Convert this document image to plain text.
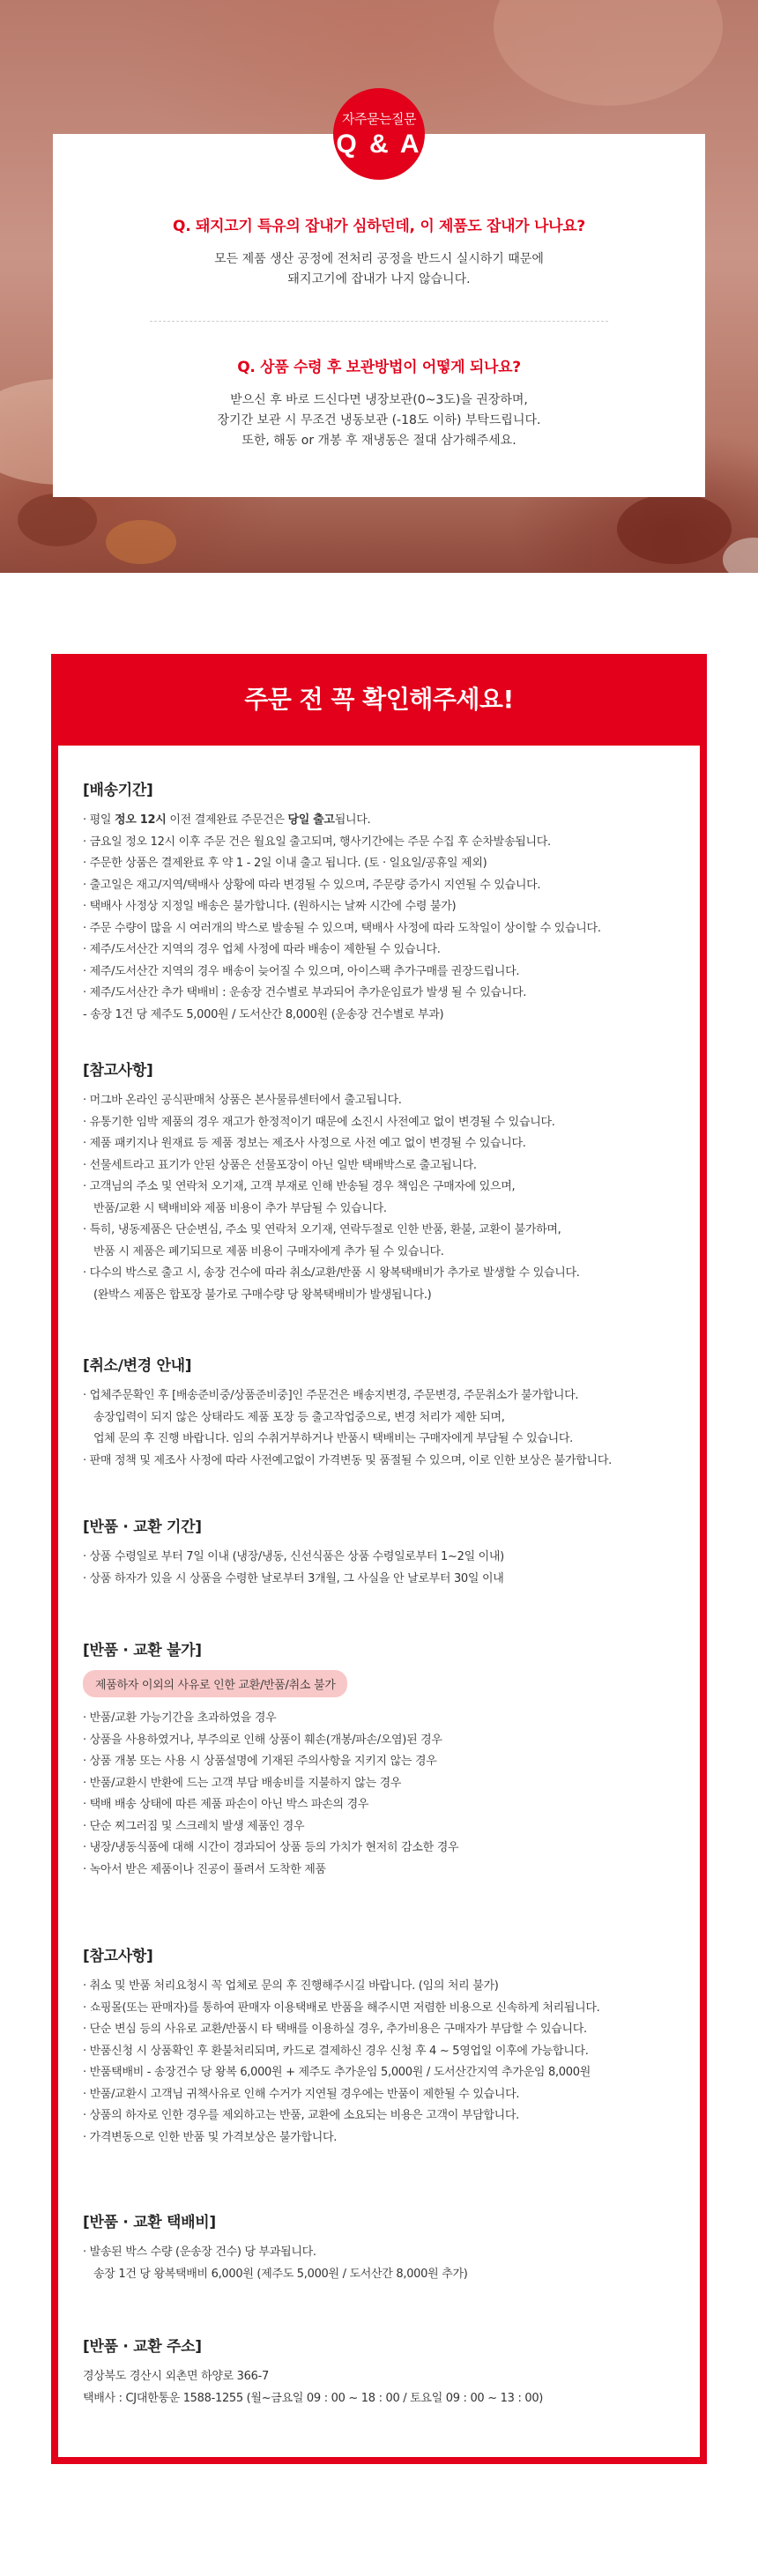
자주묻는질문
Q & A
Q. 돼지고기 특유의 잡내가 심하던데, 이 제품도 잡내가 나나요?
모든 제품 생산 공정에 전처리 공정을 반드시 실시하기 때문에
돼지고기에 잡내가 나지 않습니다.
Q. 상품 수령 후 보관방법이 어떻게 되나요?
받으신 후 바로 드신다면 냉장보관(0~3도)을 권장하며,
장기간 보관 시 무조건 냉동보관 (-18도 이하) 부탁드립니다.
또한, 해동 or 개봉 후 재냉동은 절대 삼가해주세요.
주문 전 꼭 확인해주세요!
[배송기간]
· 평일 정오 12시 이전 결제완료 주문건은 당일 출고됩니다.
· 금요일 정오 12시 이후 주문 건은 월요일 출고되며, 행사기간에는 주문 수집 후 순차발송됩니다.
· 주문한 상품은 결제완료 후 약 1 - 2일 이내 출고 됩니다. (토 · 일요일/공휴일 제외)
· 출고일은 재고/지역/택배사 상황에 따라 변경될 수 있으며, 주문량 증가시 지연될 수 있습니다.
· 택배사 사정상 지정일 배송은 불가합니다. (원하시는 날짜 시간에 수령 불가)
· 주문 수량이 많을 시 여러개의 박스로 발송될 수 있으며, 택배사 사정에 따라 도착일이 상이할 수 있습니다.
· 제주/도서산간 지역의 경우 업체 사정에 따라 배송이 제한될 수 있습니다.
· 제주/도서산간 지역의 경우 배송이 늦어질 수 있으며, 아이스팩 추가구매를 권장드립니다.
· 제주/도서산간 추가 택배비 : 운송장 건수별로 부과되어 추가운임료가 발생 될 수 있습니다.
- 송장 1건 당 제주도 5,000원 / 도서산간 8,000원 (운송장 건수별로 부과)
[참고사항]
· 머그바 온라인 공식판매처 상품은 본사물류센터에서 출고됩니다.
· 유통기한 임박 제품의 경우 재고가 한정적이기 때문에 소진시 사전예고 없이 변경될 수 있습니다.
· 제품 패키지나 원재료 등 제품 정보는 제조사 사정으로 사전 예고 없이 변경될 수 있습니다.
· 선물세트라고 표기가 안된 상품은 선물포장이 아닌 일반 택배박스로 출고됩니다.
· 고객님의 주소 및 연락처 오기재, 고객 부재로 인해 반송될 경우 책임은 구매자에 있으며,
반품/교환 시 택배비와 제품 비용이 추가 부담될 수 있습니다.
· 특히, 냉동제품은 단순변심, 주소 및 연락처 오기재, 연락두절로 인한 반품, 환불, 교환이 불가하며,
반품 시 제품은 폐기되므로 제품 비용이 구매자에게 추가 될 수 있습니다.
· 다수의 박스로 출고 시, 송장 건수에 따라 취소/교환/반품 시 왕복택배비가 추가로 발생할 수 있습니다.
(완박스 제품은 합포장 불가로 구매수량 당 왕복택배비가 발생됩니다.)
[취소/변경 안내]
· 업체주문확인 후 [배송준비중/상품준비중]인 주문건은 배송지변경, 주문변경, 주문취소가 불가합니다.
송장입력이 되지 않은 상태라도 제품 포장 등 출고작업중으로, 변경 처리가 제한 되며,
업체 문의 후 진행 바랍니다. 임의 수취거부하거나 반품시 택배비는 구매자에게 부담될 수 있습니다.
· 판매 정책 및 제조사 사정에 따라 사전예고없이 가격변동 및 품절될 수 있으며, 이로 인한 보상은 불가합니다.
[반품 · 교환 기간]
· 상품 수령일로 부터 7일 이내 (냉장/냉동, 신선식품은 상품 수령일로부터 1~2일 이내)
· 상품 하자가 있을 시 상품을 수령한 날로부터 3개월, 그 사실을 안 날로부터 30일 이내
[반품 · 교환 불가]
제품하자 이외의 사유로 인한 교환/반품/취소 불가
· 반품/교환 가능기간을 초과하였을 경우
· 상품을 사용하였거나, 부주의로 인해 상품이 훼손(개봉/파손/오염)된 경우
· 상품 개봉 또는 사용 시 상품설명에 기재된 주의사항을 지키지 않는 경우
· 반품/교환시 반환에 드는 고객 부담 배송비를 지불하지 않는 경우
· 택배 배송 상태에 따른 제품 파손이 아닌 박스 파손의 경우
· 단순 찌그러짐 및 스크레치 발생 제품인 경우
· 냉장/냉동식품에 대해 시간이 경과되어 상품 등의 가치가 현저히 감소한 경우
· 녹아서 받은 제품이나 진공이 풀려서 도착한 제품
[참고사항]
· 취소 및 반품 처리요청시 꼭 업체로 문의 후 진행해주시길 바랍니다. (임의 처리 불가)
· 쇼핑몰(또는 판매자)를 통하여 판매자 이용택배로 반품을 해주시면 저렴한 비용으로 신속하게 처리됩니다.
· 단순 변심 등의 사유로 교환/반품시 타 택배를 이용하실 경우, 추가비용은 구매자가 부담할 수 있습니다.
· 반품신청 시 상품확인 후 환불처리되며, 카드로 결제하신 경우 신청 후 4 ~ 5영업일 이후에 가능합니다.
· 반품택배비 - 송장건수 당 왕복 6,000원 + 제주도 추가운임 5,000원 / 도서산간지역 추가운임 8,000원
· 반품/교환시 고객님 귀책사유로 인해 수거가 지연될 경우에는 반품이 제한될 수 있습니다.
· 상품의 하자로 인한 경우를 제외하고는 반품, 교환에 소요되는 비용은 고객이 부담합니다.
· 가격변동으로 인한 반품 및 가격보상은 불가합니다.
[반품 · 교환 택배비]
· 발송된 박스 수량 (운송장 건수) 당 부과됩니다.
송장 1건 당 왕복택배비 6,000원 (제주도 5,000원 / 도서산간 8,000원 추가)
[반품 · 교환 주소]
경상북도 경산시 외촌면 하양로 366-7
택배사 : CJ대한통운 1588-1255 (월~금요일 09 : 00 ~ 18 : 00 / 토요일 09 : 00 ~ 13 : 00)
